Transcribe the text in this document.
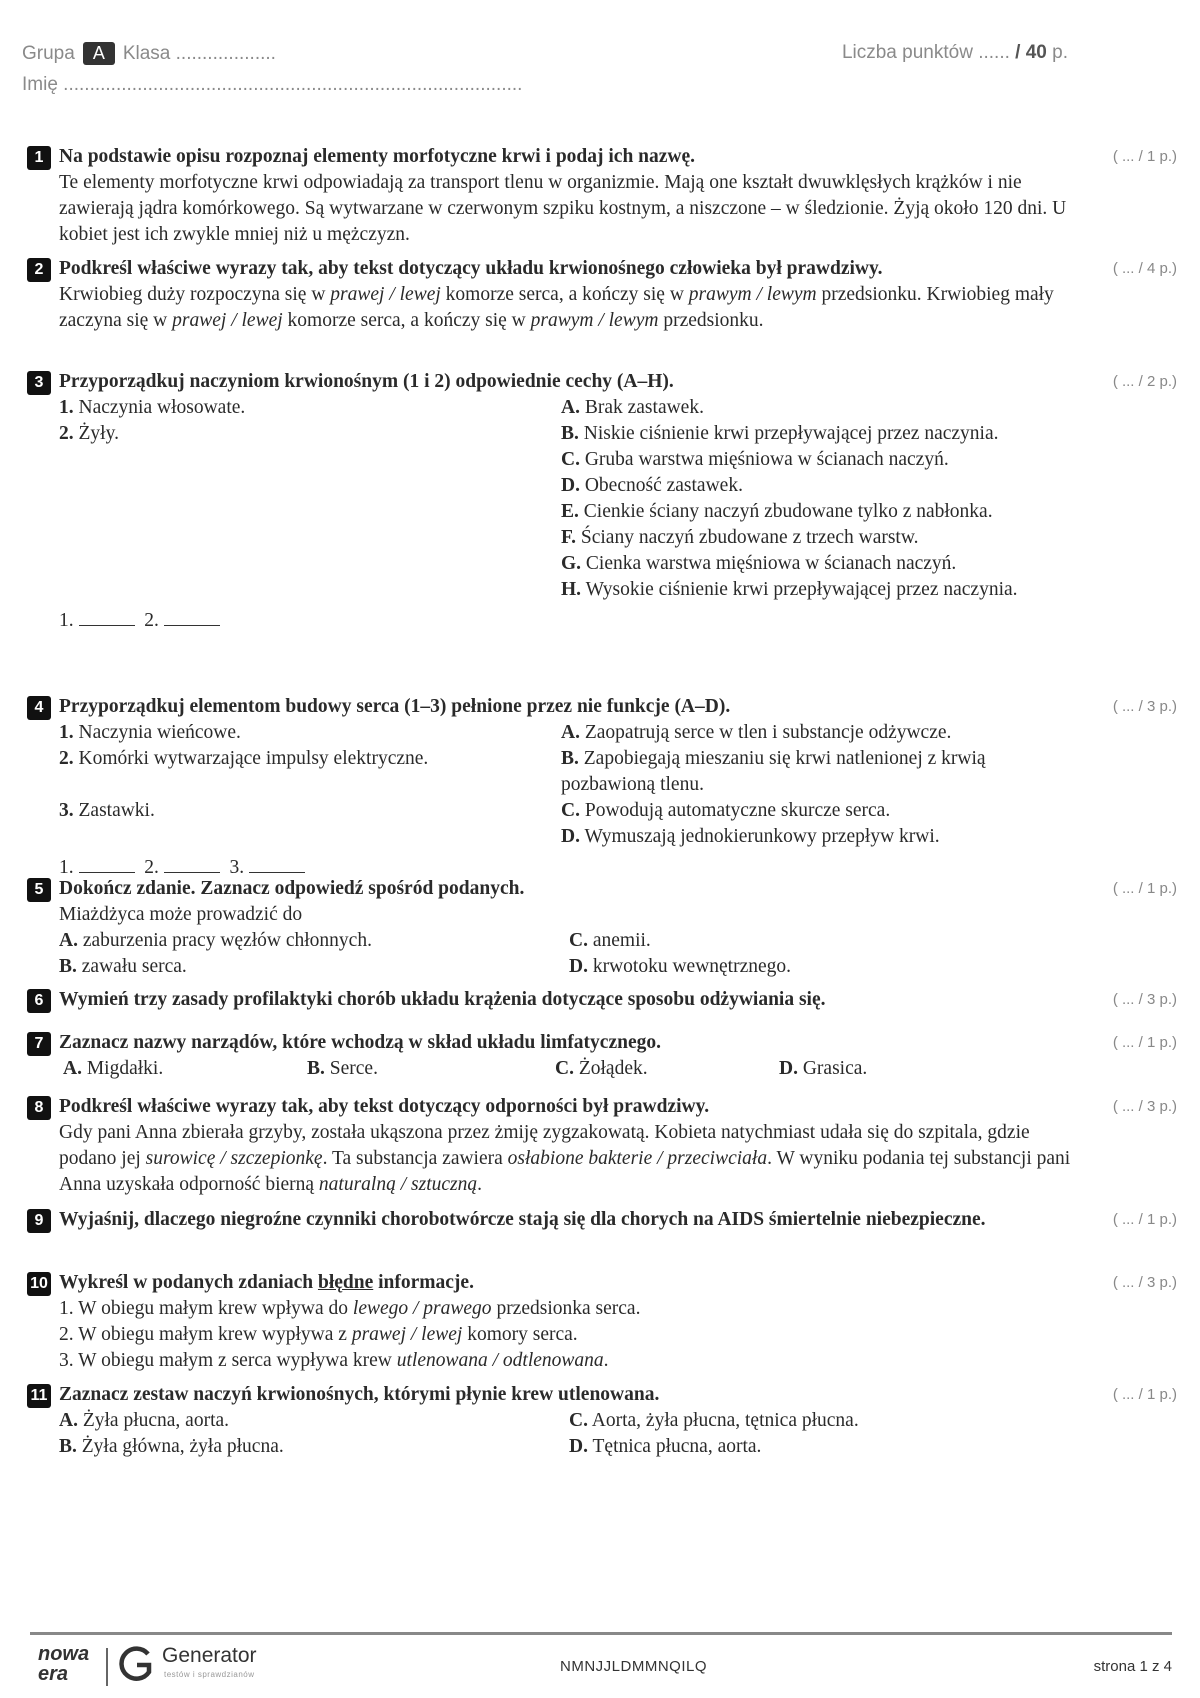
Grupa A Klasa ...................
Imię .......................................................................................
Liczba punktów ...... / 40 p.
1	( ... / 1 p.)
Na podstawie opisu rozpoznaj elementy morfotyczne krwi i podaj ich nazwę.

Te elementy morfotyczne krwi odpowiadają za transport tlenu w organizmie. Mają one kształt dwuwklęsłych krążków i nie zawierają jądra komórkowego. Są wytwarzane w czerwonym szpiku kostnym, a niszczone – w śledzionie. Żyją około 120 dni. U kobiet jest ich zwykle mniej niż u mężczyzn.

2	( ... / 4 p.)
Podkreśl właściwe wyrazy tak, aby tekst dotyczący układu krwionośnego człowieka był prawdziwy.

Krwiobieg duży rozpoczyna się w prawej / lewej komorze serca, a kończy się w prawym / lewym przedsionku. Krwiobieg mały zaczyna się w prawej / lewej komorze serca, a kończy się w prawym / lewym przedsionku.

3	( ... / 2 p.)
Przyporządkuj naczyniom krwionośnym (1 i 2) odpowiednie cechy (A–H).
1. Naczynia włosowate.
2. Żyły.
A. Brak zastawek.
B. Niskie ciśnienie krwi przepływającej przez naczynia.
C. Gruba warstwa mięśniowa w ścianach naczyń.
D. Obecność zastawek.
E. Cienkie ściany naczyń zbudowane tylko z nabłonka.
F. Ściany naczyń zbudowane z trzech warstw.
G. Cienka warstwa mięśniowa w ścianach naczyń.
H. Wysokie ciśnienie krwi przepływającej przez naczynia.
1.	2.
4	( ... / 3 p.)
Przyporządkuj elementom budowy serca (1–3) pełnione przez nie funkcje (A–D).
1. Naczynia wieńcowe.
2. Komórki wytwarzające impulsy elektryczne.
3. Zastawki.
A. Zaopatrują serce w tlen i substancje odżywcze.
B. Zapobiegają mieszaniu się krwi natlenionej z krwią pozbawioną tlenu.
C. Powodują automatyczne skurcze serca.
D. Wymuszają jednokierunkowy przepływ krwi.
1.	2.	3.
5	( ... / 1 p.)
Dokończ zdanie. Zaznacz odpowiedź spośród podanych.
Miażdżyca może prowadzić do
A. zaburzenia pracy węzłów chłonnych.
B. zawału serca.
C. anemii.
D. krwotoku wewnętrznego.
6	( ... / 3 p.)
Wymień trzy zasady profilaktyki chorób układu krążenia dotyczące sposobu odżywiania się.
7	( ... / 1 p.)
Zaznacz nazwy narządów, które wchodzą w skład układu limfatycznego.
A. Migdałki.	B. Serce.	C. Żołądek.	D. Grasica.
8	( ... / 3 p.)
Podkreśl właściwe wyrazy tak, aby tekst dotyczący odporności był prawdziwy.

Gdy pani Anna zbierała grzyby, została ukąszona przez żmiję zygzakowatą. Kobieta natychmiast udała się do szpitala, gdzie podano jej surowicę / szczepionkę. Ta substancja zawiera osłabione bakterie / przeciwciała. W wyniku podania tej substancji pani Anna uzyskała odporność bierną naturalną / sztuczną.

9	( ... / 1 p.)
Wyjaśnij, dlaczego niegroźne czynniki chorobotwórcze stają się dla chorych na AIDS śmiertelnie niebezpieczne.
10	( ... / 3 p.)
Wykreśl w podanych zdaniach błędne informacje.
1. W obiegu małym krew wpływa do lewego / prawego przedsionka serca.
2. W obiegu małym krew wypływa z prawej / lewej komory serca.
3. W obiegu małym z serca wypływa krew utlenowana / odtlenowana.
11	( ... / 1 p.)
Zaznacz zestaw naczyń krwionośnych, którymi płynie krew utlenowana.
A. Żyła płucna, aorta.
B. Żyła główna, żyła płucna.
C. Aorta, żyła płucna, tętnica płucna.
D. Tętnica płucna, aorta.
nowa
era
Generator
testów i sprawdzianów	NMNJJLDMMNQILQ	strona 1 z 4
